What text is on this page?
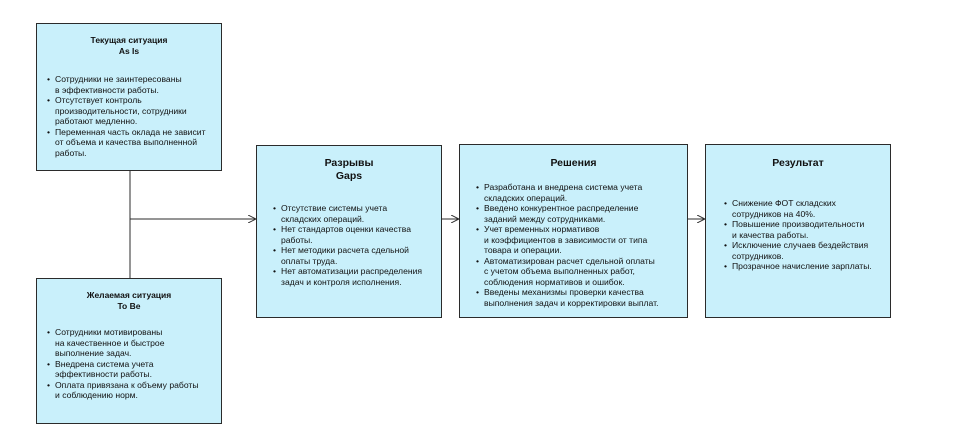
Текущая ситуация
As Is
• Сотрудники не заинтересованы
в эффективности работы.
• Отсутствует контроль
производительности, сотрудники
работают медленно.
• Переменная часть оклада не зависит
от объема и качества выполненной
работы.
Желаемая ситуация
To Be
• Сотрудники мотивированы
на качественное и быстрое
выполнение задач.
• Внедрена система учета
эффективности работы.
• Оплата привязана к объему работы
и соблюдению норм.
Разрывы
Gaps
• Отсутствие системы учета
складских операций.
• Нет стандартов оценки качества
работы.
• Нет методики расчета сдельной
оплаты труда.
• Нет автоматизации распределения
задач и контроля исполнения.
Решения
• Разработана и внедрена система учета
складских операций.
• Введено конкурентное распределение
заданий между сотрудниками.
• Учет временных нормативов
и коэффициентов в зависимости от типа
товара и операции.
• Автоматизирован расчет сдельной оплаты
с учетом объема выполненных работ,
соблюдения нормативов и ошибок.
• Введены механизмы проверки качества
выполнения задач и корректировки выплат.
Результат
• Снижение ФОТ складских
сотрудников на 40%.
• Повышение производительности
и качества работы.
• Исключение случаев бездействия
сотрудников.
• Прозрачное начисление зарплаты.
